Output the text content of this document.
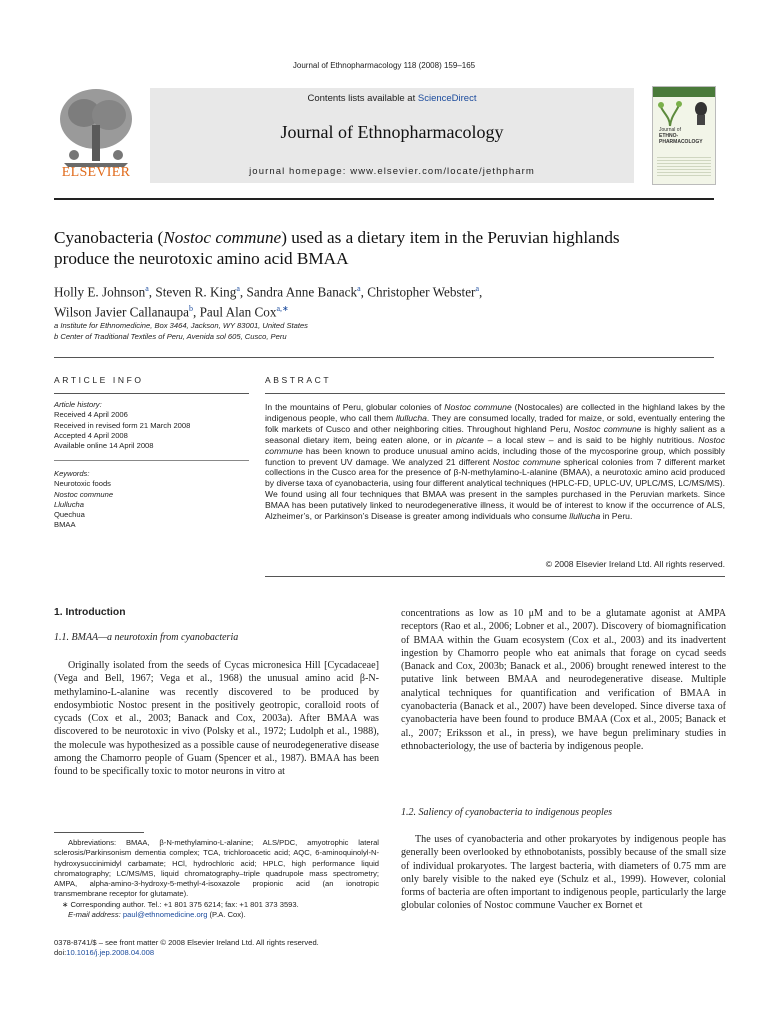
Journal of Ethnopharmacology 118 (2008) 159–165
ELSEVIER
Contents lists available at ScienceDirect
Journal of Ethnopharmacology
journal homepage: www.elsevier.com/locate/jethpharm
Journal of
ETHNO-
PHARMACOLOGY
Cyanobacteria (Nostoc commune) used as a dietary item in the Peruvian highlands
produce the neurotoxic amino acid BMAA
Holly E. Johnson$^a$, Steven R. King$^a$, Sandra Anne Banack$^a$, Christopher Webster$^a$,
Wilson Javier Callanaupa$^b$, Paul Alan Cox$^{a,∗}$
a Institute for Ethnomedicine, Box 3464, Jackson, WY 83001, United States
b Center of Traditional Textiles of Peru, Avenida sol 605, Cusco, Peru
ARTICLE INFO	ABSTRACT
Article history:
Received 4 April 2006
Received in revised form 21 March 2008
Accepted 4 April 2008
Available online 14 April 2008
Keywords:
Neurotoxic foods
Nostoc commune
Llullucha
Quechua
BMAA
In the mountains of Peru, globular colonies of Nostoc commune (Nostocales) are collected in the highland lakes by the indigenous people, who call them llullucha. They are consumed locally, traded for maize, or sold, eventually entering the folk markets of Cusco and other neighboring cities. Throughout highland Peru, Nostoc commune is highly salient as a seasonal dietary item, being eaten alone, or in picante – a local stew – and is said to be highly nutritious. Nostoc commune has been known to produce unusual amino acids, including those of the mycosporine group, which possibly function to prevent UV damage. We analyzed 21 different Nostoc commune spherical colonies from 7 different market collections in the Cusco area for the presence of β-N-methylamino-L-alanine (BMAA), a neurotoxic amino acid produced by diverse taxa of cyanobacteria, using four different analytical techniques (HPLC-FD, UPLC-UV, UPLC/MS, LC/MS/MS). We found using all four techniques that BMAA was present in the samples purchased in the Peruvian markets. Since BMAA has been putatively linked to neurodegenerative illness, it would be of interest to know if the occurrence of ALS, Alzheimer’s, or Parkinson’s Disease is greater among individuals who consume llullucha in Peru.
© 2008 Elsevier Ireland Ltd. All rights reserved.
1. Introduction
1.1. BMAA—a neurotoxin from cyanobacteria
Originally isolated from the seeds of Cycas micronesica Hill [Cycadaceae] (Vega and Bell, 1967; Vega et al., 1968) the unusual amino acid β-N-methylamino-L-alanine was recently discovered to be produced by endosymbiotic Nostoc present in the positively geotropic, coralloid roots of cycads (Cox et al., 2003; Banack and Cox, 2003a). After BMAA was discovered to be neurotoxic in vivo (Polsky et al., 1972; Ludolph et al., 1988), the molecule was hypothesized as a possible cause of neurodegenerative disease among the Chamorro people of Guam (Spencer et al., 1987). BMAA has been found to be specifically toxic to motor neurons in vitro at
Abbreviations: BMAA, β-N-methylamino-L-alanine; ALS/PDC, amyotrophic lateral sclerosis/Parkinsonism dementia complex; TCA, trichloroacetic acid; AQC, 6-aminoquinolyl-N-hydroxysuccinimidyl carbamate; HCl, hydrochloric acid; HPLC, high performance liquid chromatography; LC/MS/MS, liquid chromatography–triple quadrupole mass spectrometry; AMPA, alpha-amino-3-hydroxy-5-methyl-4-isoxazole propionic acid (an ionotropic transmembrane receptor for glutamate).
∗ Corresponding author. Tel.: +1 801 375 6214; fax: +1 801 373 3593.
E-mail address: paul@ethnomedicine.org (P.A. Cox).
0378-8741/$ – see front matter © 2008 Elsevier Ireland Ltd. All rights reserved.
doi:10.1016/j.jep.2008.04.008
concentrations as low as 10 μM and to be a glutamate agonist at AMPA receptors (Rao et al., 2006; Lobner et al., 2007). Discovery of biomagnification of BMAA within the Guam ecosystem (Cox et al., 2003) and its inadvertent ingestion by Chamorro people who eat animals that forage on cycad seeds (Banack and Cox, 2003b; Banack et al., 2006) brought renewed interest to the putative link between BMAA and neurodegenerative disease. Multiple analytical techniques for quantification and verification of BMAA in cyanobacteria (Banack et al., 2007) have been developed. Since diverse taxa of cyanobacteria have been found to produce BMAA (Cox et al., 2005; Banack et al., 2007; Eriksson et al., in press), we have begun preliminary studies in ethnobacteriology, the use of bacteria by indigenous people.
1.2. Saliency of cyanobacteria to indigenous peoples
The uses of cyanobacteria and other prokaryotes by indigenous people has generally been overlooked by ethnobotanists, possibly because of the small size of individual prokaryotes. The largest bacteria, with diameters of 0.75 mm are only barely visible to the naked eye (Schulz et al., 1999). However, colonial forms of bacteria are often important to indigenous people, particularly the large globular colonies of Nostoc commune Vaucher ex Bornet et
